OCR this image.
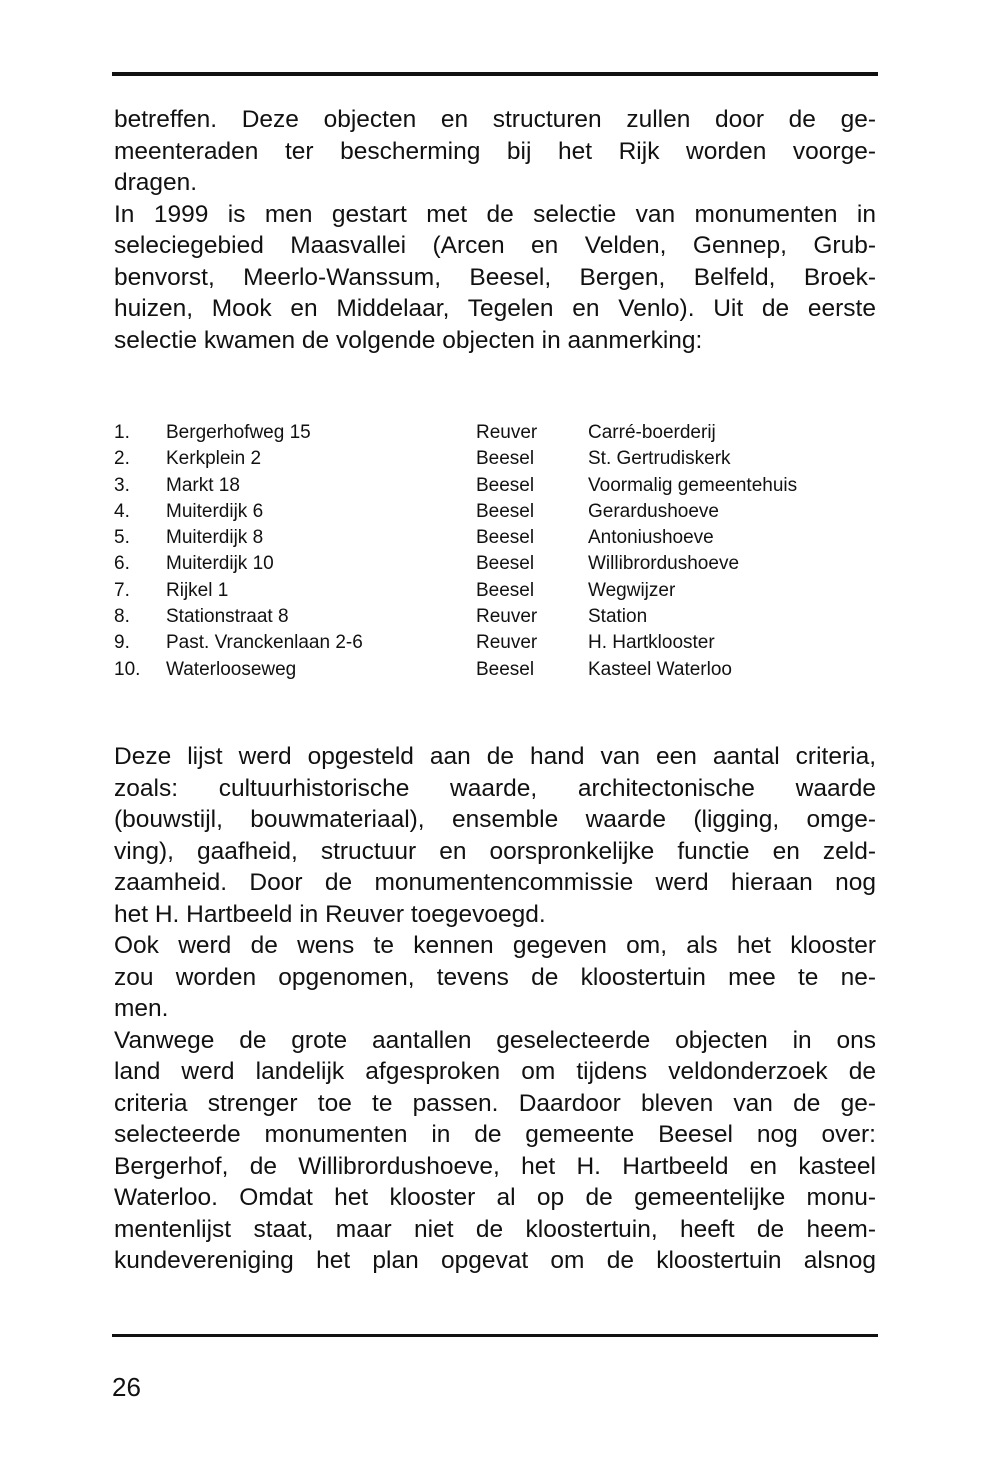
betreffen. Deze objecten en structuren zullen door de ge-
meenteraden ter bescherming bij het Rijk worden voorge-
dragen.
In 1999 is men gestart met de selectie van monumenten in
seleciegebied Maasvallei (Arcen en Velden, Gennep, Grub-
benvorst, Meerlo-Wanssum, Beesel, Bergen, Belfeld, Broek-
huizen, Mook en Middelaar, Tegelen en Venlo). Uit de eerste
selectie kwamen de volgende objecten in aanmerking:
1. Bergerhofweg 15	Reuver	Carré-boerderij
2. Kerkplein 2	Beesel	St. Gertrudiskerk
3. Markt 18	Beesel	Voormalig gemeentehuis
4. Muiterdijk 6	Beesel	Gerardushoeve
5. Muiterdijk 8	Beesel	Antoniushoeve
6. Muiterdijk 10	Beesel	Willibrordushoeve
7. Rijkel 1	Beesel	Wegwijzer
8. Stationstraat 8	Reuver	Station
9. Past. Vranckenlaan 2-6	Reuver	H. Hartklooster
10. Waterlooseweg	Beesel	Kasteel Waterloo
Deze lijst werd opgesteld aan de hand van een aantal criteria,
zoals: cultuurhistorische waarde, architectonische waarde
(bouwstijl, bouwmateriaal), ensemble waarde (ligging, omge-
ving), gaafheid, structuur en oorspronkelijke functie en zeld-
zaamheid. Door de monumentencommissie werd hieraan nog
het H. Hartbeeld in Reuver toegevoegd.
Ook werd de wens te kennen gegeven om, als het klooster
zou worden opgenomen, tevens de kloostertuin mee te ne-
men.
Vanwege de grote aantallen geselecteerde objecten in ons
land werd landelijk afgesproken om tijdens veldonderzoek de
criteria strenger toe te passen. Daardoor bleven van de ge-
selecteerde monumenten in de gemeente Beesel nog over:
Bergerhof, de Willibrordushoeve, het H. Hartbeeld en kasteel
Waterloo. Omdat het klooster al op de gemeentelijke monu-
mentenlijst staat, maar niet de kloostertuin, heeft de heem-
kundevereniging het plan opgevat om de kloostertuin alsnog
26
